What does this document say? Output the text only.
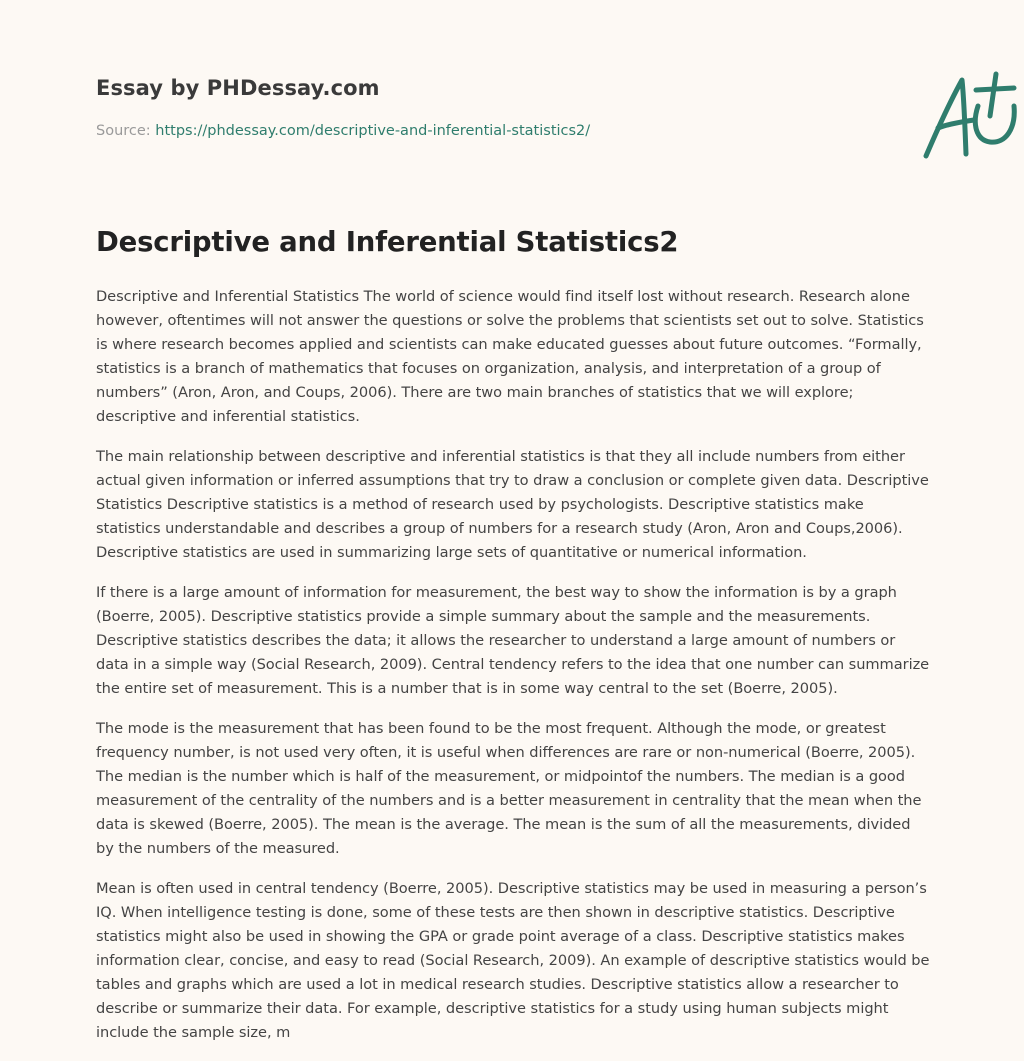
Essay by PHDessay.com
Source: https://phdessay.com/descriptive-and-inferential-statistics2/
Descriptive and Inferential Statistics2

Descriptive and Inferential Statistics The world of science would find itself lost without research. Research alone however, oftentimes will not answer the questions or solve the problems that scientists set out to solve. Statistics is where research becomes applied and scientists can make educated guesses about future outcomes. “Formally, statistics is a branch of mathematics that focuses on organization, analysis, and interpretation of a group of numbers” (Aron, Aron, and Coups, 2006). There are two main branches of statistics that we will explore; descriptive and inferential statistics.

The main relationship between descriptive and inferential statistics is that they all include numbers from either actual given information or inferred assumptions that try to draw a conclusion or complete given data. Descriptive Statistics Descriptive statistics is a method of research used by psychologists. Descriptive statistics make statistics understandable and describes a group of numbers for a research study (Aron, Aron and Coups,2006). Descriptive statistics are used in summarizing large sets of quantitative or numerical information.

If there is a large amount of information for measurement, the best way to show the information is by a graph (Boerre, 2005). Descriptive statistics provide a simple summary about the sample and the measurements. Descriptive statistics describes the data; it allows the researcher to understand a large amount of numbers or data in a simple way (Social Research, 2009). Central tendency refers to the idea that one number can summarize the entire set of measurement. This is a number that is in some way central to the set (Boerre, 2005).

The mode is the measurement that has been found to be the most frequent. Although the mode, or greatest frequency number, is not used very often, it is useful when differences are rare or non-numerical (Boerre, 2005). The median is the number which is half of the measurement, or midpointof the numbers. The median is a good measurement of the centrality of the numbers and is a better measurement in centrality that the mean when the data is skewed (Boerre, 2005). The mean is the average. The mean is the sum of all the measurements, divided by the numbers of the measured.

Mean is often used in central tendency (Boerre, 2005). Descriptive statistics may be used in measuring a person’s IQ. When intelligence testing is done, some of these tests are then shown in descriptive statistics. Descriptive statistics might also be used in showing the GPA or grade point average of a class. Descriptive statistics makes information clear, concise, and easy to read (Social Research, 2009). An example of descriptive statistics would be tables and graphs which are used a lot in medical research studies. Descriptive statistics allow a researcher to describe or summarize their data. For example, descriptive statistics for a study using human subjects might include the sample size, m
